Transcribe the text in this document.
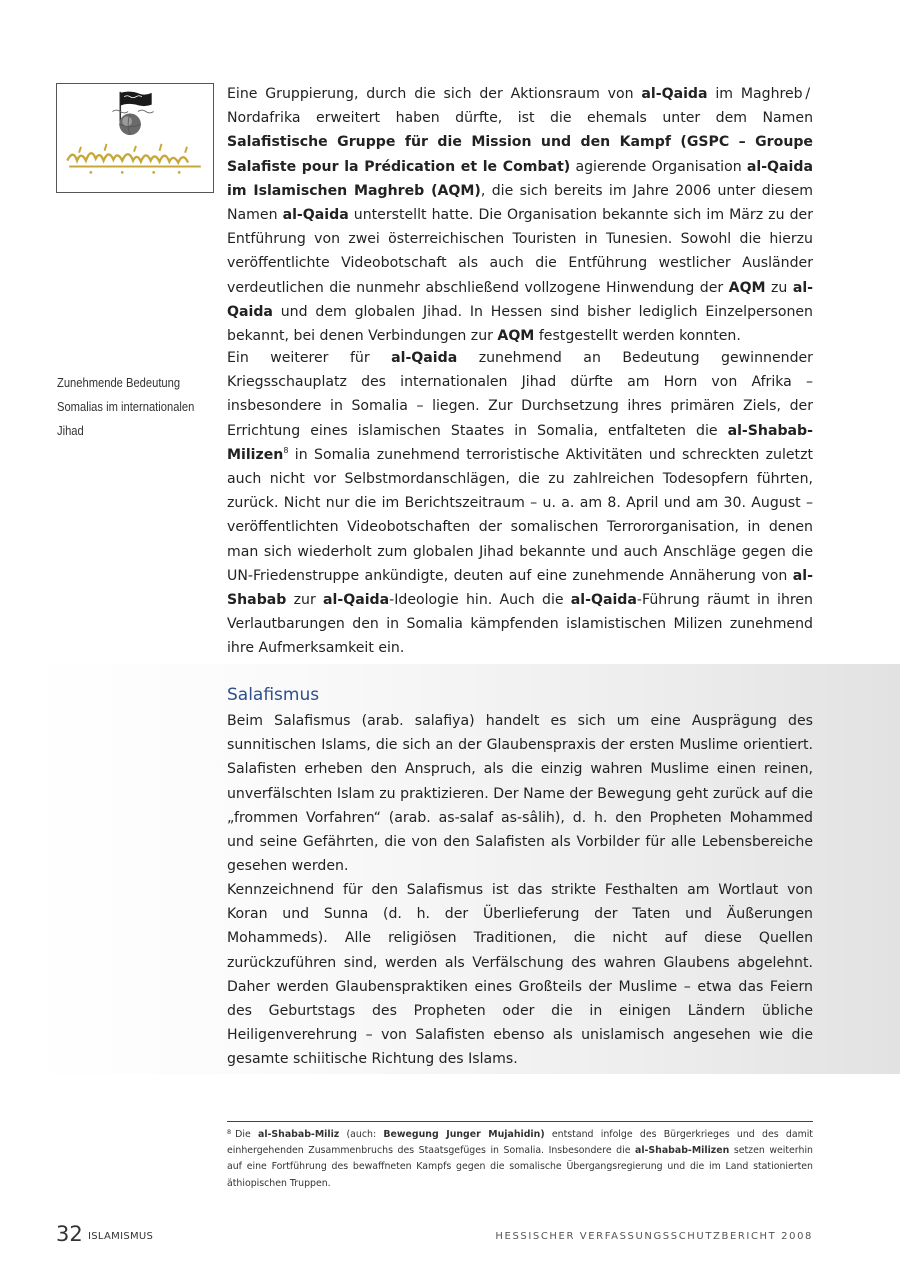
Eine Gruppierung, durch die sich der Aktionsraum von al-Qaida im Maghreb / Nordafrika erweitert haben dürfte, ist die ehemals unter dem Namen Salafistische Gruppe für die Mission und den Kampf (GSPC – Groupe Salafiste pour la Prédication et le Combat) agierende Organisation al-Qaida im Islamischen Maghreb (AQM), die sich bereits im Jahre 2006 unter diesem Namen al-Qaida unterstellt hatte. Die Organisation bekannte sich im März zu der Entführung von zwei österreichischen Touristen in Tunesien. Sowohl die hierzu veröffentlichte Videobotschaft als auch die Entführung westlicher Ausländer verdeutlichen die nunmehr abschließend vollzogene Hinwendung der AQM zu al-Qaida und dem globalen Jihad. In Hessen sind bisher lediglich Einzelpersonen bekannt, bei denen Verbindungen zur AQM festgestellt werden konnten.

Zunehmende Bedeutung Somalias im internationalen Jihad

Ein weiterer für al-Qaida zunehmend an Bedeutung gewinnender Kriegsschauplatz des internationalen Jihad dürfte am Horn von Afrika – insbesondere in Somalia – liegen. Zur Durchsetzung ihres primären Ziels, der Errichtung eines islamischen Staates in Somalia, entfalteten die al-Shabab-Milizen$^8$ in Somalia zunehmend terroristische Aktivitäten und schreckten zuletzt auch nicht vor Selbstmordanschlägen, die zu zahlreichen Todesopfern führten, zurück. Nicht nur die im Berichtszeitraum – u. a. am 8. April und am 30. August – veröffentlichten Videobotschaften der somalischen Terrororganisation, in denen man sich wiederholt zum globalen Jihad bekannte und auch Anschläge gegen die UN-Friedenstruppe ankündigte, deuten auf eine zunehmende Annäherung von al-Shabab zur al-Qaida-Ideologie hin. Auch die al-Qaida-Führung räumt in ihren Verlautbarungen den in Somalia kämpfenden islamistischen Milizen zunehmend ihre Aufmerksamkeit ein.

Salafismus

Beim Salafismus (arab. salafiya) handelt es sich um eine Ausprägung des sunnitischen Islams, die sich an der Glaubenspraxis der ersten Muslime orientiert. Salafisten erheben den Anspruch, als die einzig wahren Muslime einen reinen, unverfälschten Islam zu praktizieren. Der Name der Bewegung geht zurück auf die „frommen Vorfahren“ (arab. as-salaf as-sâlih), d. h. den Propheten Mohammed und seine Gefährten, die von den Salafisten als Vorbilder für alle Lebensbereiche gesehen werden.

Kennzeichnend für den Salafismus ist das strikte Festhalten am Wortlaut von Koran und Sunna (d. h. der Überlieferung der Taten und Äußerungen Mohammeds). Alle religiösen Traditionen, die nicht auf diese Quellen zurückzuführen sind, werden als Verfälschung des wahren Glaubens abgelehnt. Daher werden Glaubenspraktiken eines Großteils der Muslime – etwa das Feiern des Geburtstags des Propheten oder die in einigen Ländern übliche Heiligenverehrung – von Salafisten ebenso als unislamisch angesehen wie die gesamte schiitische Richtung des Islams.

$^8$ Die al-Shabab-Miliz (auch: Bewegung Junger Mujahidin) entstand infolge des Bürgerkrieges und des damit einhergehenden Zusammenbruchs des Staatsgefüges in Somalia. Insbesondere die al-Shabab-Milizen setzen weiterhin auf eine Fortführung des bewaffneten Kampfs gegen die somalische Übergangsregierung und die im Land stationierten äthiopischen Truppen.

32 ISLAMISMUS	HESSISCHER VERFASSUNGSSCHUTZBERICHT 2008
